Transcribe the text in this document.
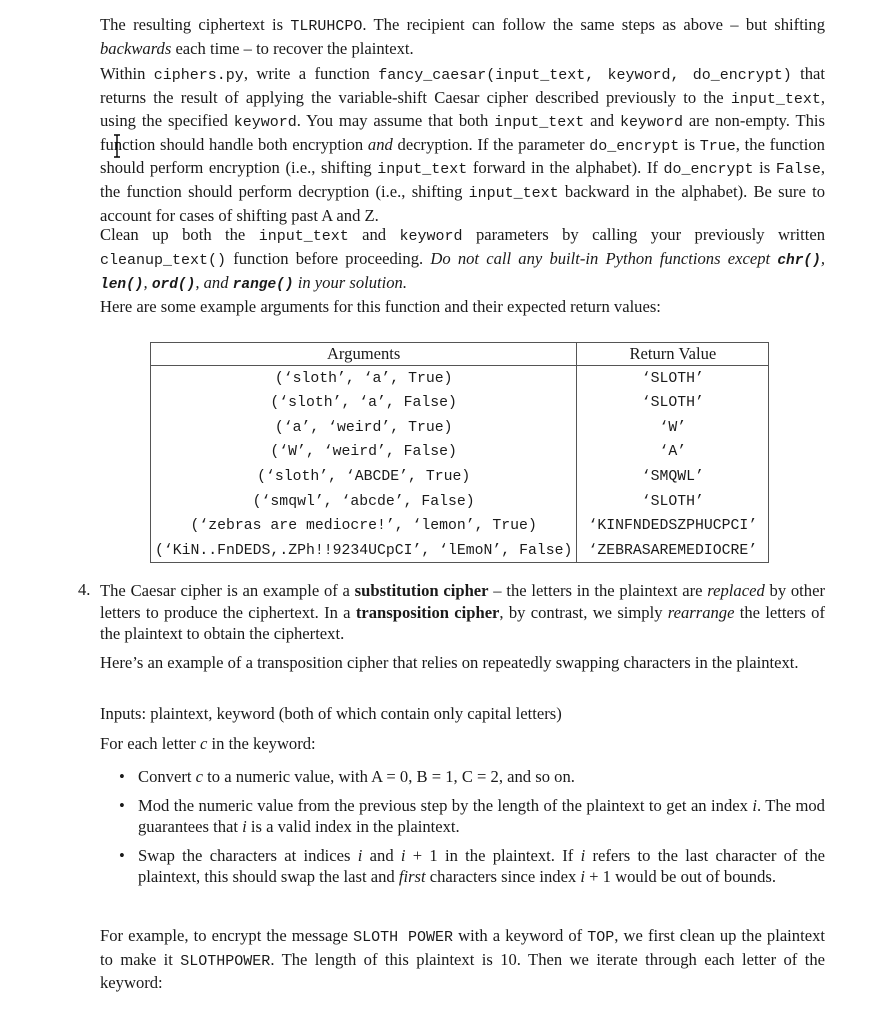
The resulting ciphertext is TLRUHCPO. The recipient can follow the same steps as above – but shifting backwards each time – to recover the plaintext.

Within ciphers.py, write a function fancy_caesar(input_text, keyword, do_encrypt) that returns the result of applying the variable-shift Caesar cipher described previously to the input_text, using the specified keyword. You may assume that both input_text and keyword are non-empty. This function should handle both encryption and decryption. If the parameter do_encrypt is True, the function should perform encryption (i.e., shifting input_text forward in the alphabet). If do_encrypt is False, the function should perform decryption (i.e., shifting input_text backward in the alphabet). Be sure to account for cases of shifting past A and Z.

Clean up both the input_text and keyword parameters by calling your previously written cleanup_text() function before proceeding. Do not call any built-in Python functions except chr(), len(), ord(), and range() in your solution.

Here are some example arguments for this function and their expected return values:

Arguments	Return Value
(‘sloth’, ‘a’, True)	‘SLOTH’
(‘sloth’, ‘a’, False)	‘SLOTH’
(‘a’, ‘weird’, True)	‘W’
(‘W’, ‘weird’, False)	‘A’
(‘sloth’, ‘ABCDE’, True)	‘SMQWL’
(‘smqwl’, ‘abcde’, False)	‘SLOTH’
(‘zebras are mediocre!’, ‘lemon’, True)	‘KINFNDEDSZPHUCPCI’
(‘KiN..FnDEDS,.ZPh!!9234UCpCI’, ‘lEmoN’, False)	‘ZEBRASAREMEDIOCRE’
4. The Caesar cipher is an example of a substitution cipher – the letters in the plaintext are replaced by other letters to produce the ciphertext. In a transposition cipher, by contrast, we simply rearrange the letters of the plaintext to obtain the ciphertext.

Here’s an example of a transposition cipher that relies on repeatedly swapping characters in the plaintext.

Inputs: plaintext, keyword (both of which contain only capital letters)

For each letter c in the keyword:

• Convert c to a numeric value, with A = 0, B = 1, C = 2, and so on.
• Mod the numeric value from the previous step by the length of the plaintext to get an index i. The mod guarantees that i is a valid index in the plaintext.
• Swap the characters at indices i and i + 1 in the plaintext. If i refers to the last character of the plaintext, this should swap the last and first characters since index i + 1 would be out of bounds.

For example, to encrypt the message SLOTH POWER with a keyword of TOP, we first clean up the plaintext to make it SLOTHPOWER. The length of this plaintext is 10. Then we iterate through each letter of the keyword:
